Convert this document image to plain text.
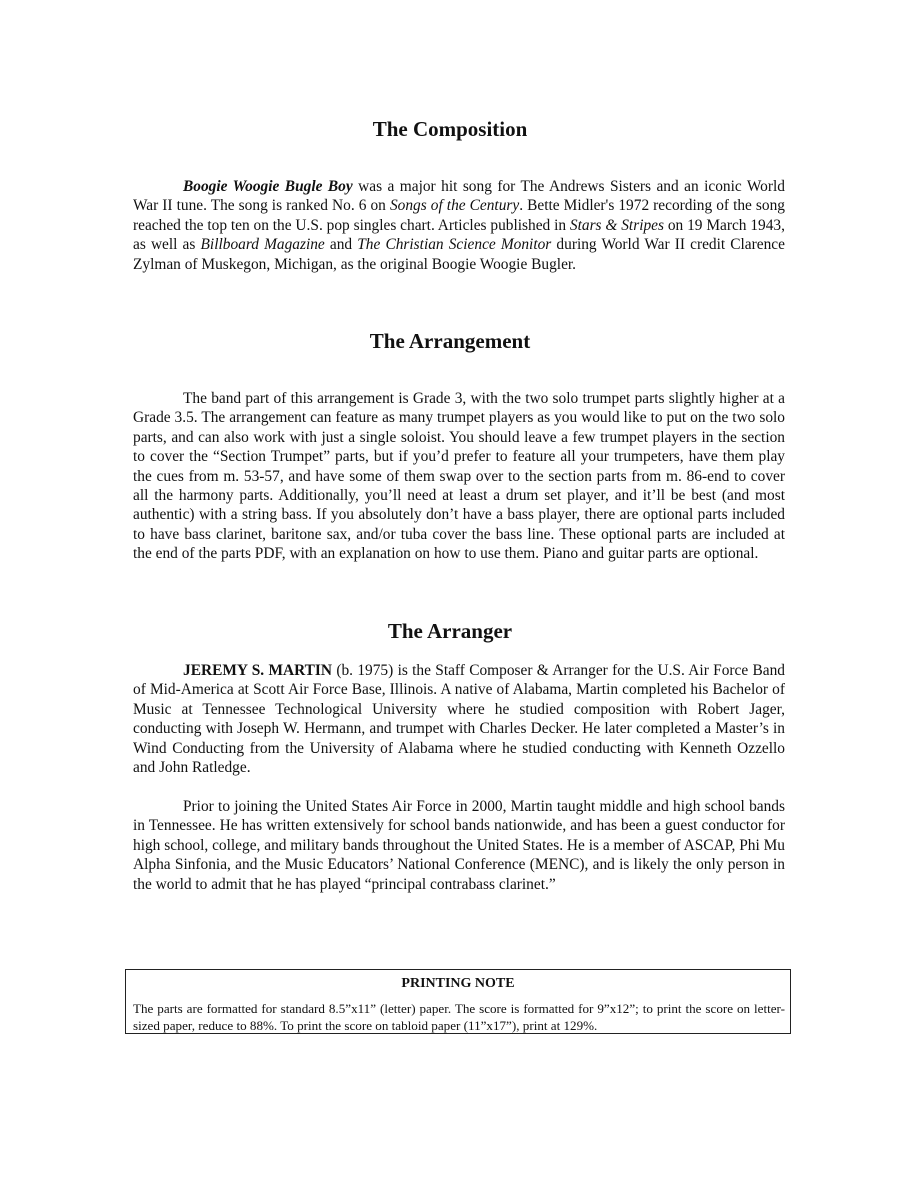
The Composition

Boogie Woogie Bugle Boy was a major hit song for The Andrews Sisters and an iconic World War II tune. The song is ranked No. 6 on Songs of the Century. Bette Midler's 1972 recording of the song reached the top ten on the U.S. pop singles chart. Articles published in Stars & Stripes on 19 March 1943, as well as Billboard Magazine and The Christian Science Monitor during World War II credit Clarence Zylman of Muskegon, Michigan, as the original Boogie Woogie Bugler.

The Arrangement

The band part of this arrangement is Grade 3, with the two solo trumpet parts slightly higher at a Grade 3.5. The arrangement can feature as many trumpet players as you would like to put on the two solo parts, and can also work with just a single soloist. You should leave a few trumpet players in the section to cover the “Section Trumpet” parts, but if you’d prefer to feature all your trumpeters, have them play the cues from m. 53-57, and have some of them swap over to the section parts from m. 86-end to cover all the harmony parts. Additionally, you’ll need at least a drum set player, and it’ll be best (and most authentic) with a string bass. If you absolutely don’t have a bass player, there are optional parts included to have bass clarinet, baritone sax, and/or tuba cover the bass line. These optional parts are included at the end of the parts PDF, with an explanation on how to use them. Piano and guitar parts are optional.

The Arranger

JEREMY S. MARTIN (b. 1975) is the Staff Composer & Arranger for the U.S. Air Force Band of Mid-America at Scott Air Force Base, Illinois. A native of Alabama, Martin completed his Bachelor of Music at Tennessee Technological University where he studied composition with Robert Jager, conducting with Joseph W. Hermann, and trumpet with Charles Decker. He later completed a Master’s in Wind Conducting from the University of Alabama where he studied conducting with Kenneth Ozzello and John Ratledge.

Prior to joining the United States Air Force in 2000, Martin taught middle and high school bands in Tennessee. He has written extensively for school bands nationwide, and has been a guest conductor for high school, college, and military bands throughout the United States. He is a member of ASCAP, Phi Mu Alpha Sinfonia, and the Music Educators’ National Conference (MENC), and is likely the only person in the world to admit that he has played “principal contrabass clarinet.”

PRINTING NOTE

The parts are formatted for standard 8.5”x11” (letter) paper. The score is formatted for 9”x12”; to print the score on letter-sized paper, reduce to 88%. To print the score on tabloid paper (11”x17”), print at 129%.
